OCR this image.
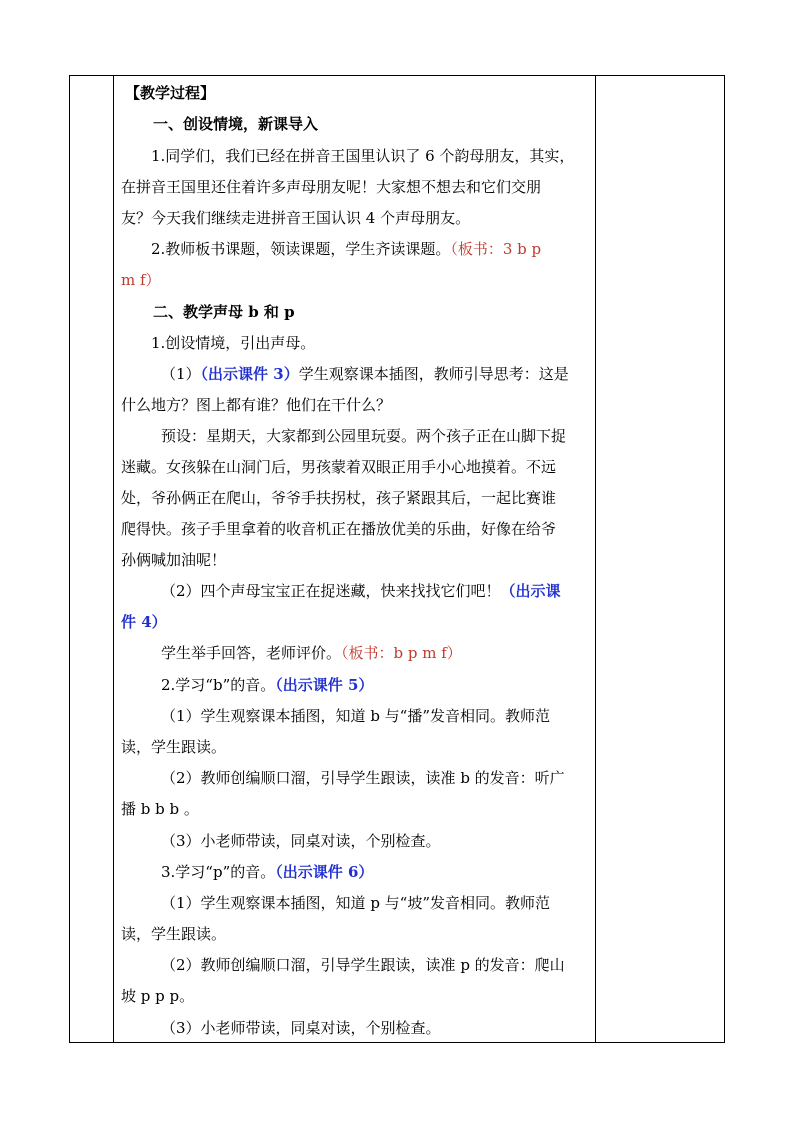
【教学过程】
一、创设情境，新课导入
1.同学们，我们已经在拼音王国里认识了 6 个韵母朋友，其实，
在拼音王国里还住着许多声母朋友呢！大家想不想去和它们交朋
友？今天我们继续走进拼音王国认识 4 个声母朋友。
2.教师板书课题，领读课题，学生齐读课题。（板书：3 b p
m f）
二、教学声母 b 和 p
1.创设情境，引出声母。
（1）（出示课件 3）学生观察课本插图，教师引导思考：这是
什么地方？图上都有谁？他们在干什么？
预设：星期天，大家都到公园里玩耍。两个孩子正在山脚下捉
迷藏。女孩躲在山洞门后，男孩蒙着双眼正用手小心地摸着。不远
处，爷孙俩正在爬山，爷爷手扶拐杖，孩子紧跟其后，一起比赛谁
爬得快。孩子手里拿着的收音机正在播放优美的乐曲，好像在给爷
孙俩喊加油呢！
（2）四个声母宝宝正在捉迷藏，快来找找它们吧！（出示课
件 4）
学生举手回答，老师评价。（板书：b p m f）
2.学习“b”的音。（出示课件 5）
（1）学生观察课本插图，知道 b 与“播”发音相同。教师范
读，学生跟读。
（2）教师创编顺口溜，引导学生跟读，读准 b 的发音：听广
播 b b b 。
（3）小老师带读，同桌对读，个别检查。
3.学习“p”的音。（出示课件 6）
（1）学生观察课本插图，知道 p 与“坡”发音相同。教师范
读，学生跟读。
（2）教师创编顺口溜，引导学生跟读，读准 p 的发音：爬山
坡 p p p。
（3）小老师带读，同桌对读，个别检查。
